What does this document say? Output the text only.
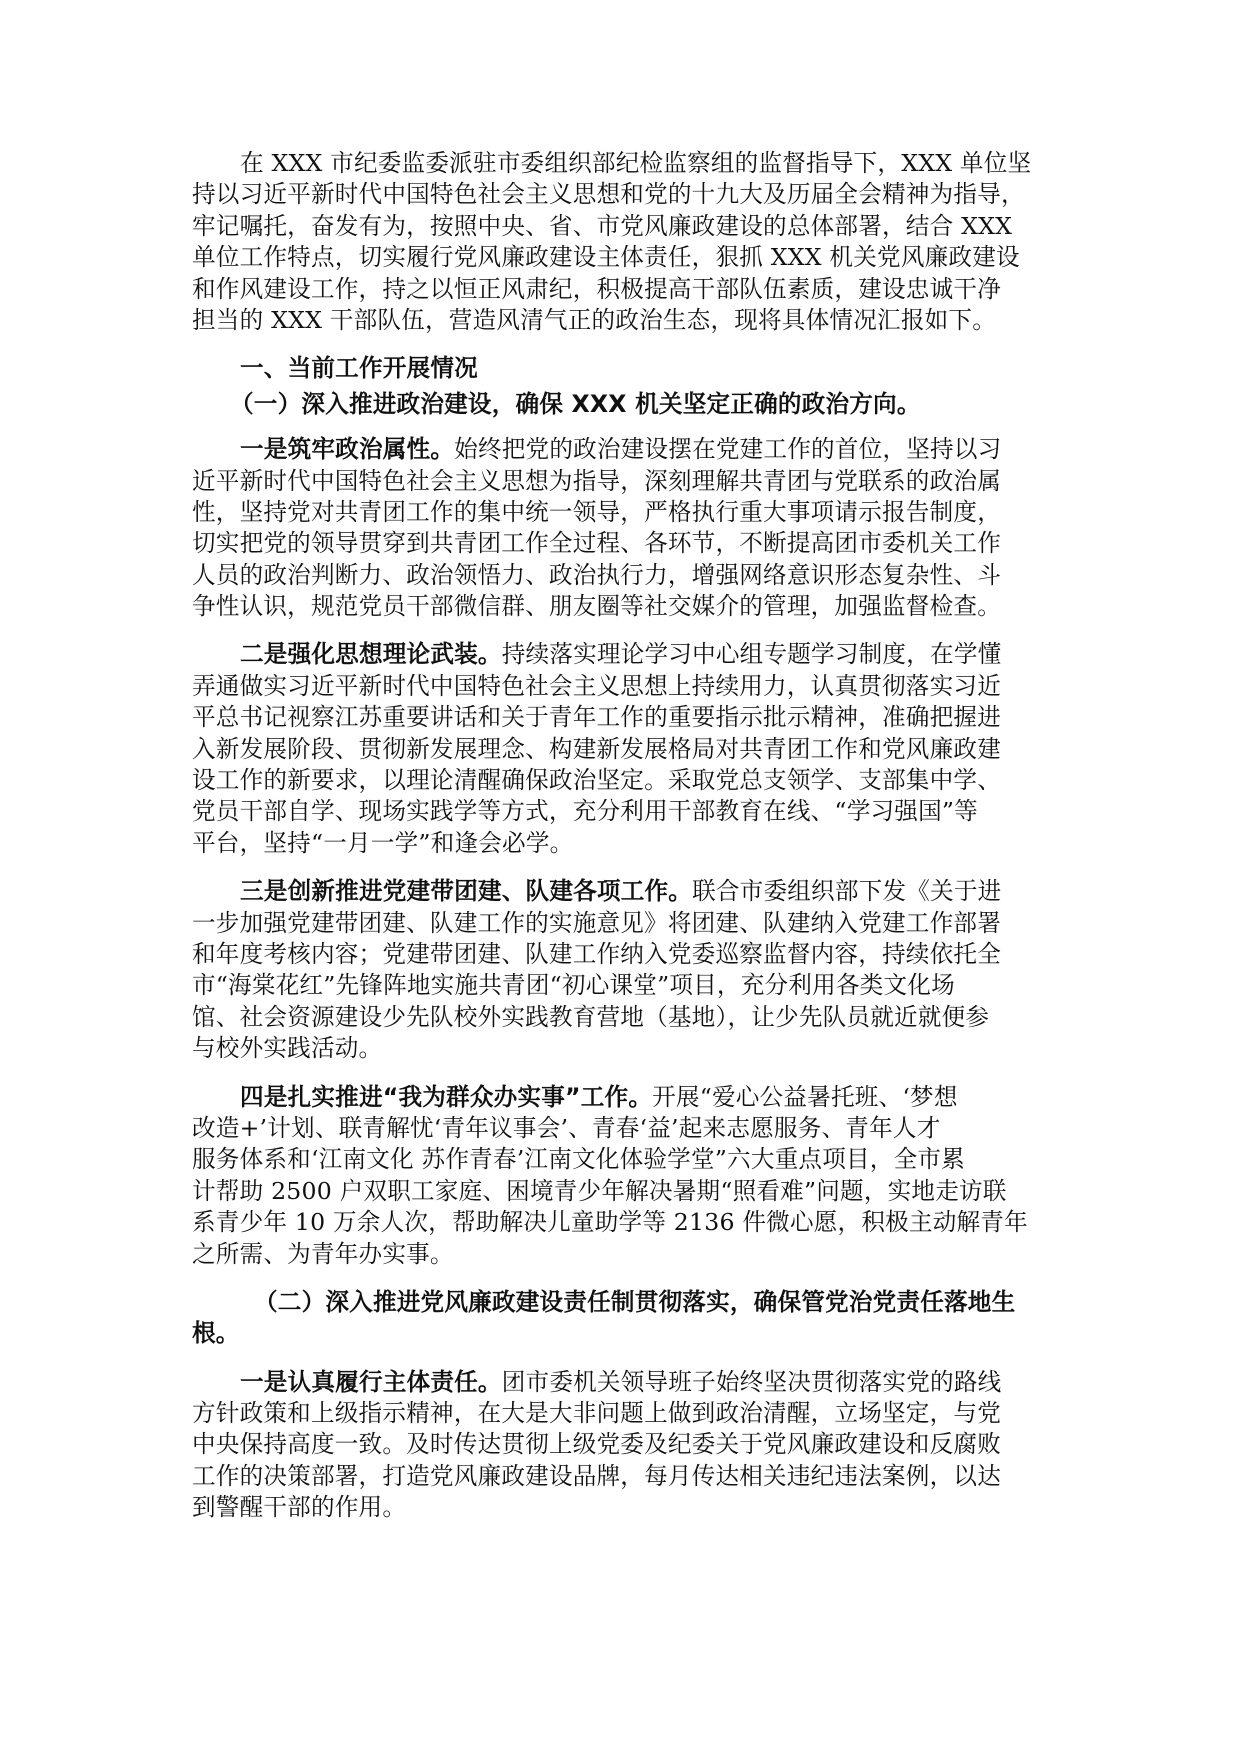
在 XXX 市纪委监委派驻市委组织部纪检监察组的监督指导下，XXX 单位坚
持以习近平新时代中国特色社会主义思想和党的十九大及历届全会精神为指导，
牢记嘱托，奋发有为，按照中央、省、市党风廉政建设的总体部署，结合 XXX
单位工作特点，切实履行党风廉政建设主体责任，狠抓 XXX 机关党风廉政建设
和作风建设工作，持之以恒正风肃纪，积极提高干部队伍素质，建设忠诚干净
担当的 XXX 干部队伍，营造风清气正的政治生态，现将具体情况汇报如下。
一、当前工作开展情况
（一）深入推进政治建设，确保 XXX 机关坚定正确的政治方向。
一是筑牢政治属性。始终把党的政治建设摆在党建工作的首位，坚持以习
近平新时代中国特色社会主义思想为指导，深刻理解共青团与党联系的政治属
性，坚持党对共青团工作的集中统一领导，严格执行重大事项请示报告制度，
切实把党的领导贯穿到共青团工作全过程、各环节，不断提高团市委机关工作
人员的政治判断力、政治领悟力、政治执行力，增强网络意识形态复杂性、斗
争性认识，规范党员干部微信群、朋友圈等社交媒介的管理，加强监督检查。
二是强化思想理论武装。持续落实理论学习中心组专题学习制度，在学懂
弄通做实习近平新时代中国特色社会主义思想上持续用力，认真贯彻落实习近
平总书记视察江苏重要讲话和关于青年工作的重要指示批示精神，准确把握进
入新发展阶段、贯彻新发展理念、构建新发展格局对共青团工作和党风廉政建
设工作的新要求，以理论清醒确保政治坚定。采取党总支领学、支部集中学、
党员干部自学、现场实践学等方式，充分利用干部教育在线、“学习强国”等
平台，坚持“一月一学”和逢会必学。
三是创新推进党建带团建、队建各项工作。联合市委组织部下发《关于进
一步加强党建带团建、队建工作的实施意见》将团建、队建纳入党建工作部署
和年度考核内容；党建带团建、队建工作纳入党委巡察监督内容，持续依托全
市“海棠花红”先锋阵地实施共青团“初心课堂”项目，充分利用各类文化场
馆、社会资源建设少先队校外实践教育营地（基地），让少先队员就近就便参
与校外实践活动。
四是扎实推进“我为群众办实事”工作。开展“爱心公益暑托班、‘梦想
改造+’计划、联青解忧‘青年议事会’、青春‘益’起来志愿服务、青年人才
服务体系和‘江南文化 苏作青春’江南文化体验学堂”六大重点项目，全市累
计帮助 2500 户双职工家庭、困境青少年解决暑期“照看难”问题，实地走访联
系青少年 10 万余人次，帮助解决儿童助学等 2136 件微心愿，积极主动解青年
之所需、为青年办实事。
（二）深入推进党风廉政建设责任制贯彻落实，确保管党治党责任落地生
根。
一是认真履行主体责任。团市委机关领导班子始终坚决贯彻落实党的路线
方针政策和上级指示精神，在大是大非问题上做到政治清醒，立场坚定，与党
中央保持高度一致。及时传达贯彻上级党委及纪委关于党风廉政建设和反腐败
工作的决策部署，打造党风廉政建设品牌，每月传达相关违纪违法案例，以达
到警醒干部的作用。
